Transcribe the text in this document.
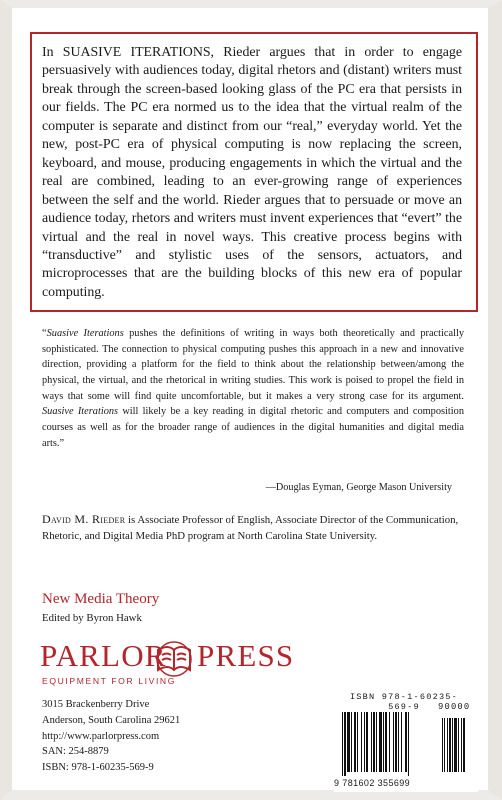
In SUASIVE ITERATIONS, Rieder argues that in order to engage persuasively with audiences today, digital rhetors and (distant) writers must break through the screen-based looking glass of the PC era that persists in our fields. The PC era normed us to the idea that the virtual realm of the computer is separate and distinct from our “real,” everyday world. Yet the new, post-PC era of physical computing is now replacing the screen, keyboard, and mouse, producing engagements in which the virtual and the real are combined, leading to an ever-growing range of experiences between the self and the world. Rieder argues that to persuade or move an audience today, rhetors and writers must invent experiences that “evert” the virtual and the real in novel ways. This creative process begins with “transductive” and stylistic uses of the sensors, actuators, and microprocesses that are the building blocks of this new era of popular computing.
“Suasive Iterations pushes the definitions of writing in ways both theoretically and practically sophisticated. The connection to physical computing pushes this approach in a new and innovative direction, providing a platform for the field to think about the relationship between/among the physical, the virtual, and the rhetorical in writing studies. This work is poised to propel the field in ways that some will find quite uncomfortable, but it makes a very strong case for its argument. Suasive Iterations will likely be a key reading in digital rhetoric and computers and composition courses as well as for the broader range of audiences in the digital humanities and digital media arts.”
—Douglas Eyman, George Mason University
David M. Rieder is Associate Professor of English, Associate Director of the Communication, Rhetoric, and Digital Media PhD program at North Carolina State University.
New Media Theory
Edited by Byron Hawk
PARLOR PRESS
EQUIPMENT FOR LIVING
3015 Brackenberry Drive
Anderson, South Carolina 29621
http://www.parlorpress.com
SAN: 254-8879
ISBN: 978-1-60235-569-9
ISBN 978-1-60235-569-9	90000
9 781602 355699
